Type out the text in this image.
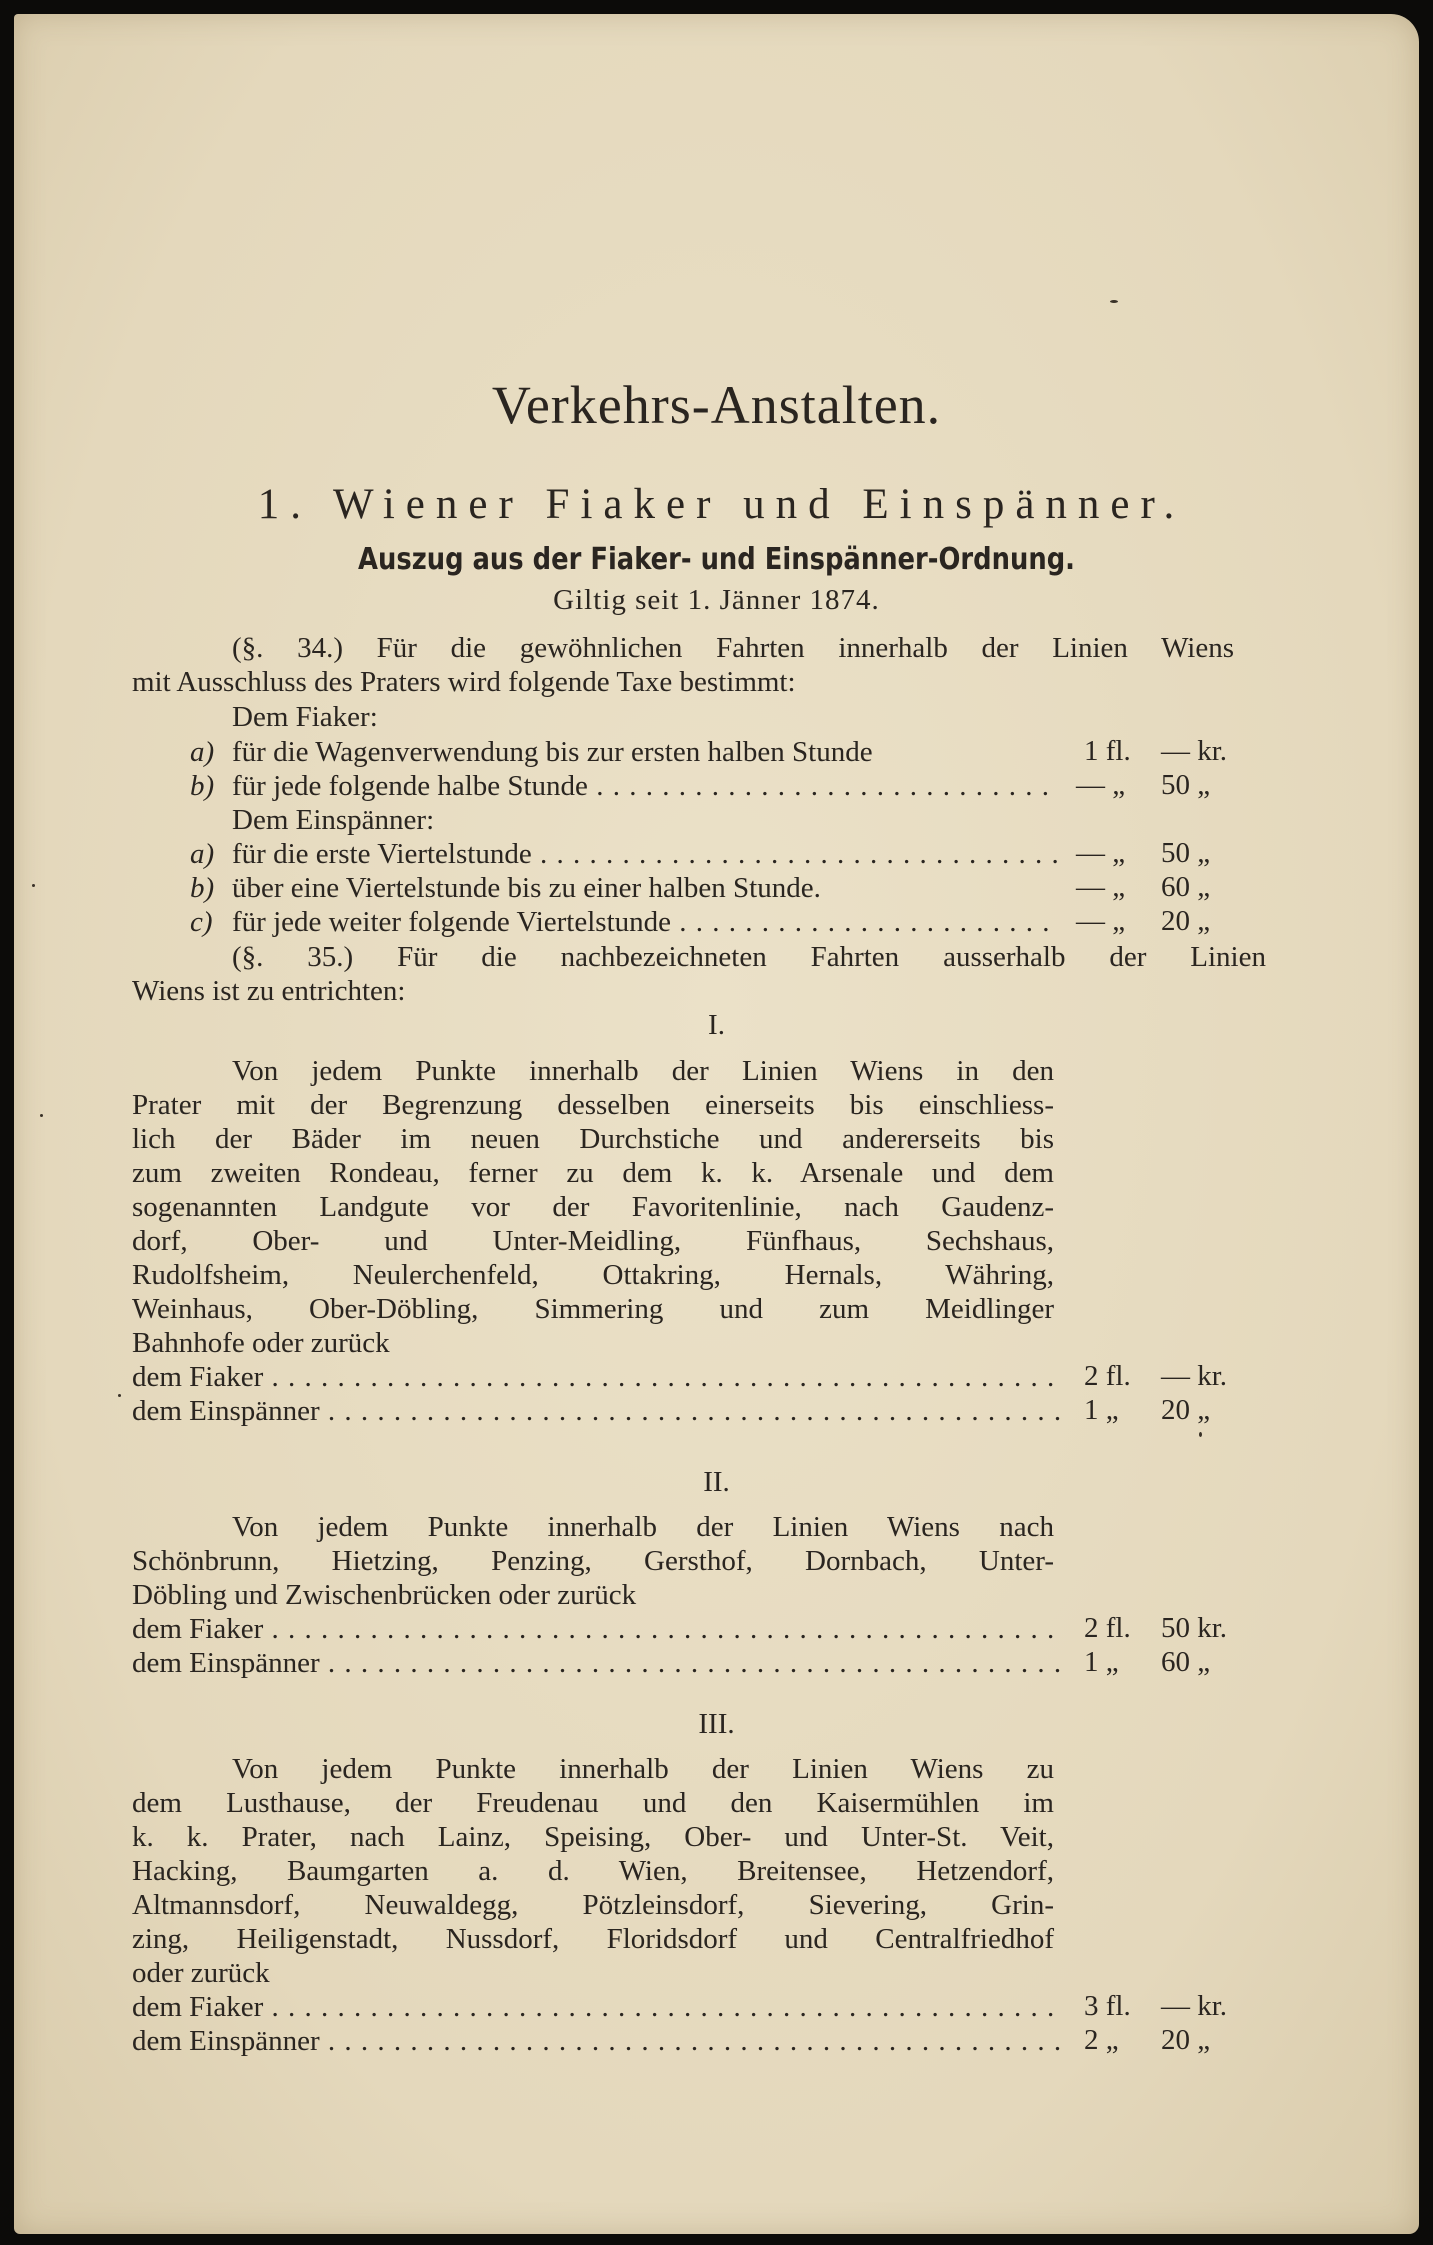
Verkehrs-Anstalten.
1. Wiener Fiaker und Einspänner.
Auszug aus der Fiaker- und Einspänner-Ordnung.
Giltig seit 1. Jänner 1874.
(§. 34.) Für die gewöhnlichen Fahrten innerhalb der Linien Wiens
mit Ausschluss des Praters wird folgende Taxe bestimmt:
Dem Fiaker:
a) für die Wagenverwendung bis zur ersten halben Stunde	1 fl. — kr.
b) für jede folgende halbe Stunde . . .	— „ 50 „
Dem Einspänner:
a) für die erste Viertelstunde . . .	— „ 50 „
b) über eine Viertelstunde bis zu einer halben Stunde.	— „ 60 „
c) für jede weiter folgende Viertelstunde . . .	— „ 20 „
(§. 35.) Für die nachbezeichneten Fahrten ausserhalb der Linien
Wiens ist zu entrichten:
I.
Von jedem Punkte innerhalb der Linien Wiens in den
Prater mit der Begrenzung desselben einerseits bis einschliess-
lich der Bäder im neuen Durchstiche und andererseits bis
zum zweiten Rondeau, ferner zu dem k. k. Arsenale und dem
sogenannten Landgute vor der Favoritenlinie, nach Gaudenz-
dorf, Ober- und Unter-Meidling, Fünfhaus, Sechshaus,
Rudolfsheim, Neulerchenfeld, Ottakring, Hernals, Währing,
Weinhaus, Ober-Döbling, Simmering und zum Meidlinger
Bahnhofe oder zurück
dem Fiaker . . .	2 fl. — kr.
dem Einspänner . . .	1 „ 20 „
II.
Von jedem Punkte innerhalb der Linien Wiens nach
Schönbrunn, Hietzing, Penzing, Gersthof, Dornbach, Unter-
Döbling und Zwischenbrücken oder zurück
dem Fiaker . . .	2 fl. 50 kr.
dem Einspänner . . .	1 „ 60 „
III.
Von jedem Punkte innerhalb der Linien Wiens zu
dem Lusthause, der Freudenau und den Kaisermühlen im
k. k. Prater, nach Lainz, Speising, Ober- und Unter-St. Veit,
Hacking, Baumgarten a. d. Wien, Breitensee, Hetzendorf,
Altmannsdorf, Neuwaldegg, Pötzleinsdorf, Sievering, Grin-
zing, Heiligenstadt, Nussdorf, Floridsdorf und Centralfriedhof
oder zurück
dem Fiaker . . .	3 fl. — kr.
dem Einspänner . . .	2 „ 20 „
